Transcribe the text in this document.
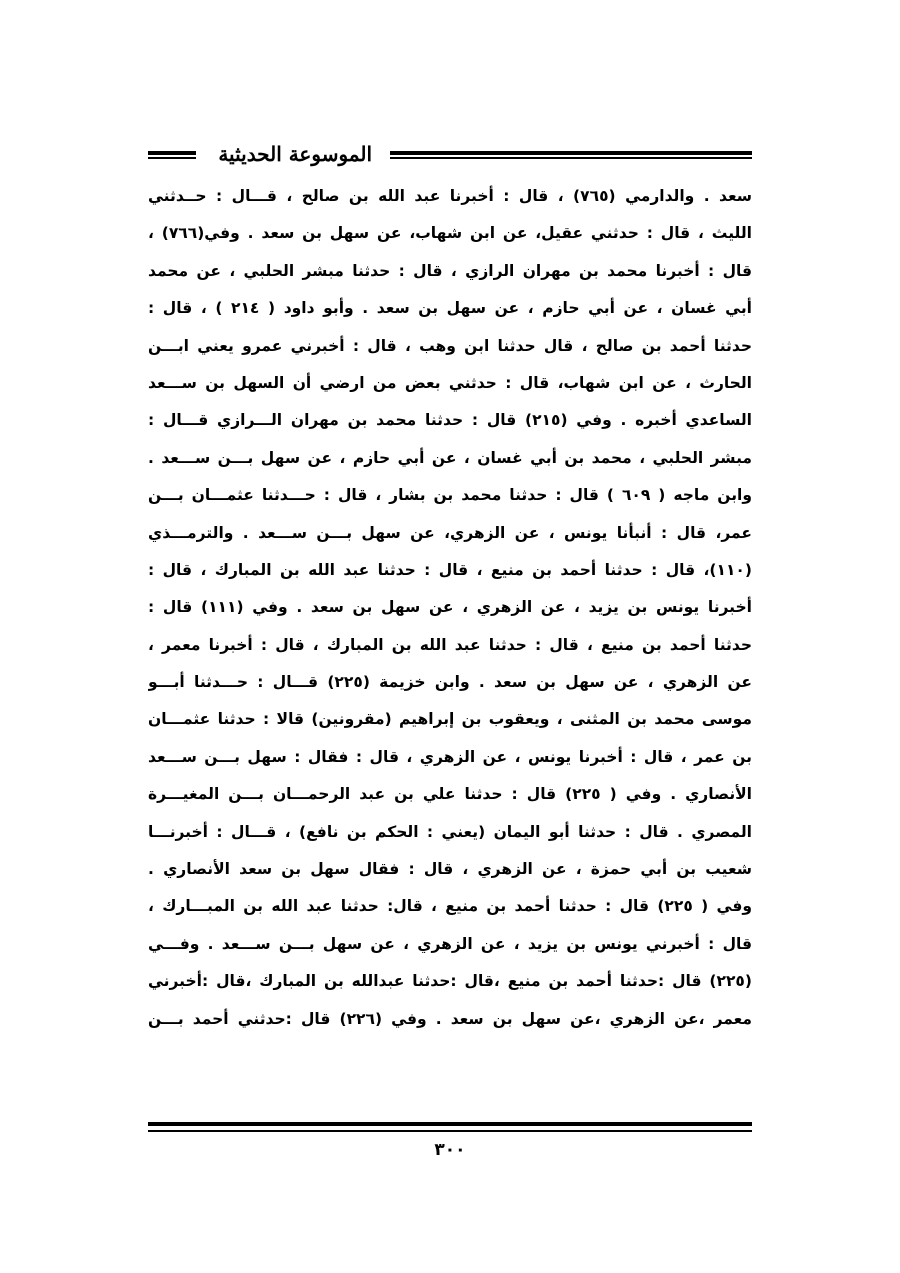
الموسوعة الحديثية
سعد . والدارمي (٧٦٥) ، قال : أخبرنا عبد الله بن صالح ، قـــال : حــدثني
الليث ، قال : حدثني عقيل، عن ابن شهاب، عن سهل بن سعد . وفي(٧٦٦) ،
قال : أخبرنا محمد بن مهران الرازي ، قال : حدثنا مبشر الحلبي ، عن محمد
أبي غسان ، عن أبي حازم ، عن سهل بن سعد . وأبو داود ( ٢١٤ ) ، قال :
حدثنا أحمد بن صالح ، قال حدثنا ابن وهب ، قال : أخبرني عمرو يعني ابـــن
الحارث ، عن ابن شهاب، قال : حدثني بعض من ارضي أن السهل بن ســـعد
الساعدي أخبره . وفي (٢١٥) قال : حدثنا محمد بن مهران الـــرازي قـــال :
مبشر الحلبي ، محمد بن أبي غسان ، عن أبي حازم ، عن سهل بـــن ســـعد .
وابن ماجه ( ٦٠٩ ) قال : حدثنا محمد بن بشار ، قال : حـــدثنا عثمـــان بـــن
عمر، قال : أنبأنا يونس ، عن الزهري، عن سهل بـــن ســـعد . والترمـــذي
(١١٠)، قال : حدثنا أحمد بن منيع ، قال : حدثنا عبد الله بن المبارك ، قال :
أخبرنا يونس بن يزيد ، عن الزهري ، عن سهل بن سعد . وفي (١١١) قال :
حدثنا أحمد بن منيع ، قال : حدثنا عبد الله بن المبارك ، قال : أخبرنا معمر ،
عن الزهري ، عن سهل بن سعد . وابن خزيمة (٢٢٥) قـــال : حـــدثنا أبـــو
موسى محمد بن المثنى ، ويعقوب بن إبراهيم (مقرونين) قالا : حدثنا عثمـــان
بن عمر ، قال : أخبرنا يونس ، عن الزهري ، قال : فقال : سهل بـــن ســـعد
الأنصاري . وفي ( ٢٢٥) قال : حدثنا علي بن عبد الرحمـــان بـــن المغيـــرة
المصري . قال : حدثنا أبو اليمان (يعني : الحكم بن نافع) ، قـــال : أخبرنـــا
شعيب بن أبي حمزة ، عن الزهري ، قال : فقال سهل بن سعد الأنصاري .
وفي ( ٢٢٥) قال : حدثنا أحمد بن منيع ، قال: حدثنا عبد الله بن المبـــارك ،
قال : أخبرني يونس بن يزيد ، عن الزهري ، عن سهل بـــن ســـعد . وفـــي
(٢٢٥) قال :حدثنا أحمد بن منيع ،قال :حدثنا عبدالله بن المبارك ،قال :أخبرني
معمر ،عن الزهري ،عن سهل بن سعد . وفي (٢٢٦) قال :حدثني أحمد بـــن
٣٠٠
